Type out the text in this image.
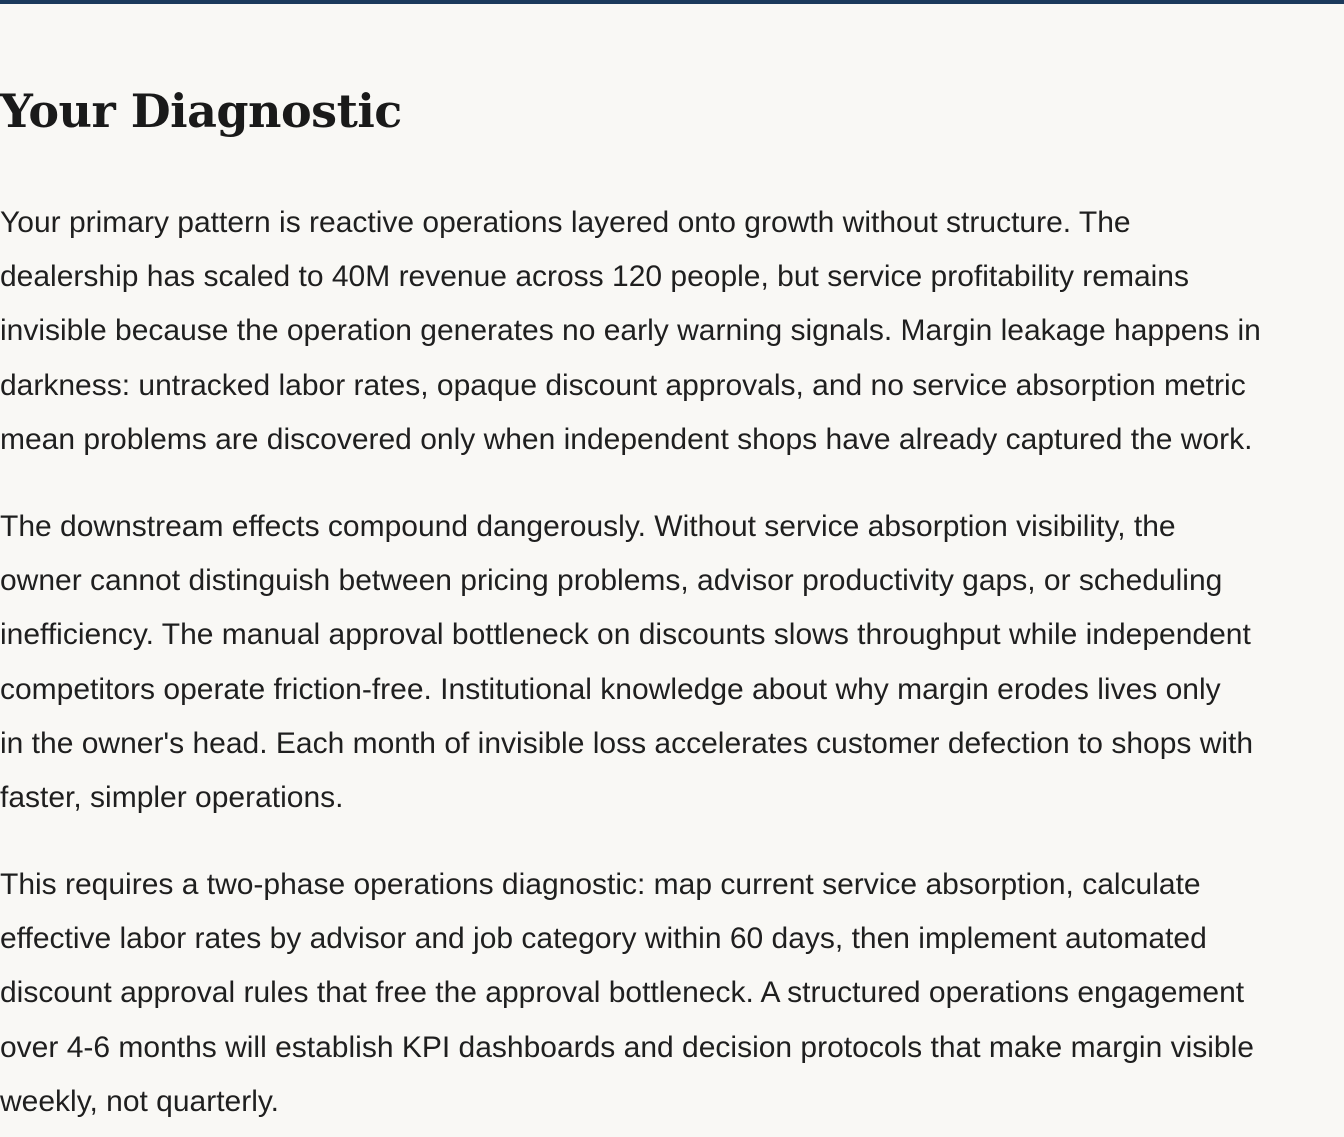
Your Diagnostic

Your primary pattern is reactive operations layered onto growth without structure. The
dealership has scaled to 40M revenue across 120 people, but service profitability remains
invisible because the operation generates no early warning signals. Margin leakage happens in
darkness: untracked labor rates, opaque discount approvals, and no service absorption metric
mean problems are discovered only when independent shops have already captured the work.

The downstream effects compound dangerously. Without service absorption visibility, the
owner cannot distinguish between pricing problems, advisor productivity gaps, or scheduling
inefficiency. The manual approval bottleneck on discounts slows throughput while independent
competitors operate friction-free. Institutional knowledge about why margin erodes lives only
in the owner's head. Each month of invisible loss accelerates customer defection to shops with
faster, simpler operations.

This requires a two-phase operations diagnostic: map current service absorption, calculate
effective labor rates by advisor and job category within 60 days, then implement automated
discount approval rules that free the approval bottleneck. A structured operations engagement
over 4-6 months will establish KPI dashboards and decision protocols that make margin visible
weekly, not quarterly.
